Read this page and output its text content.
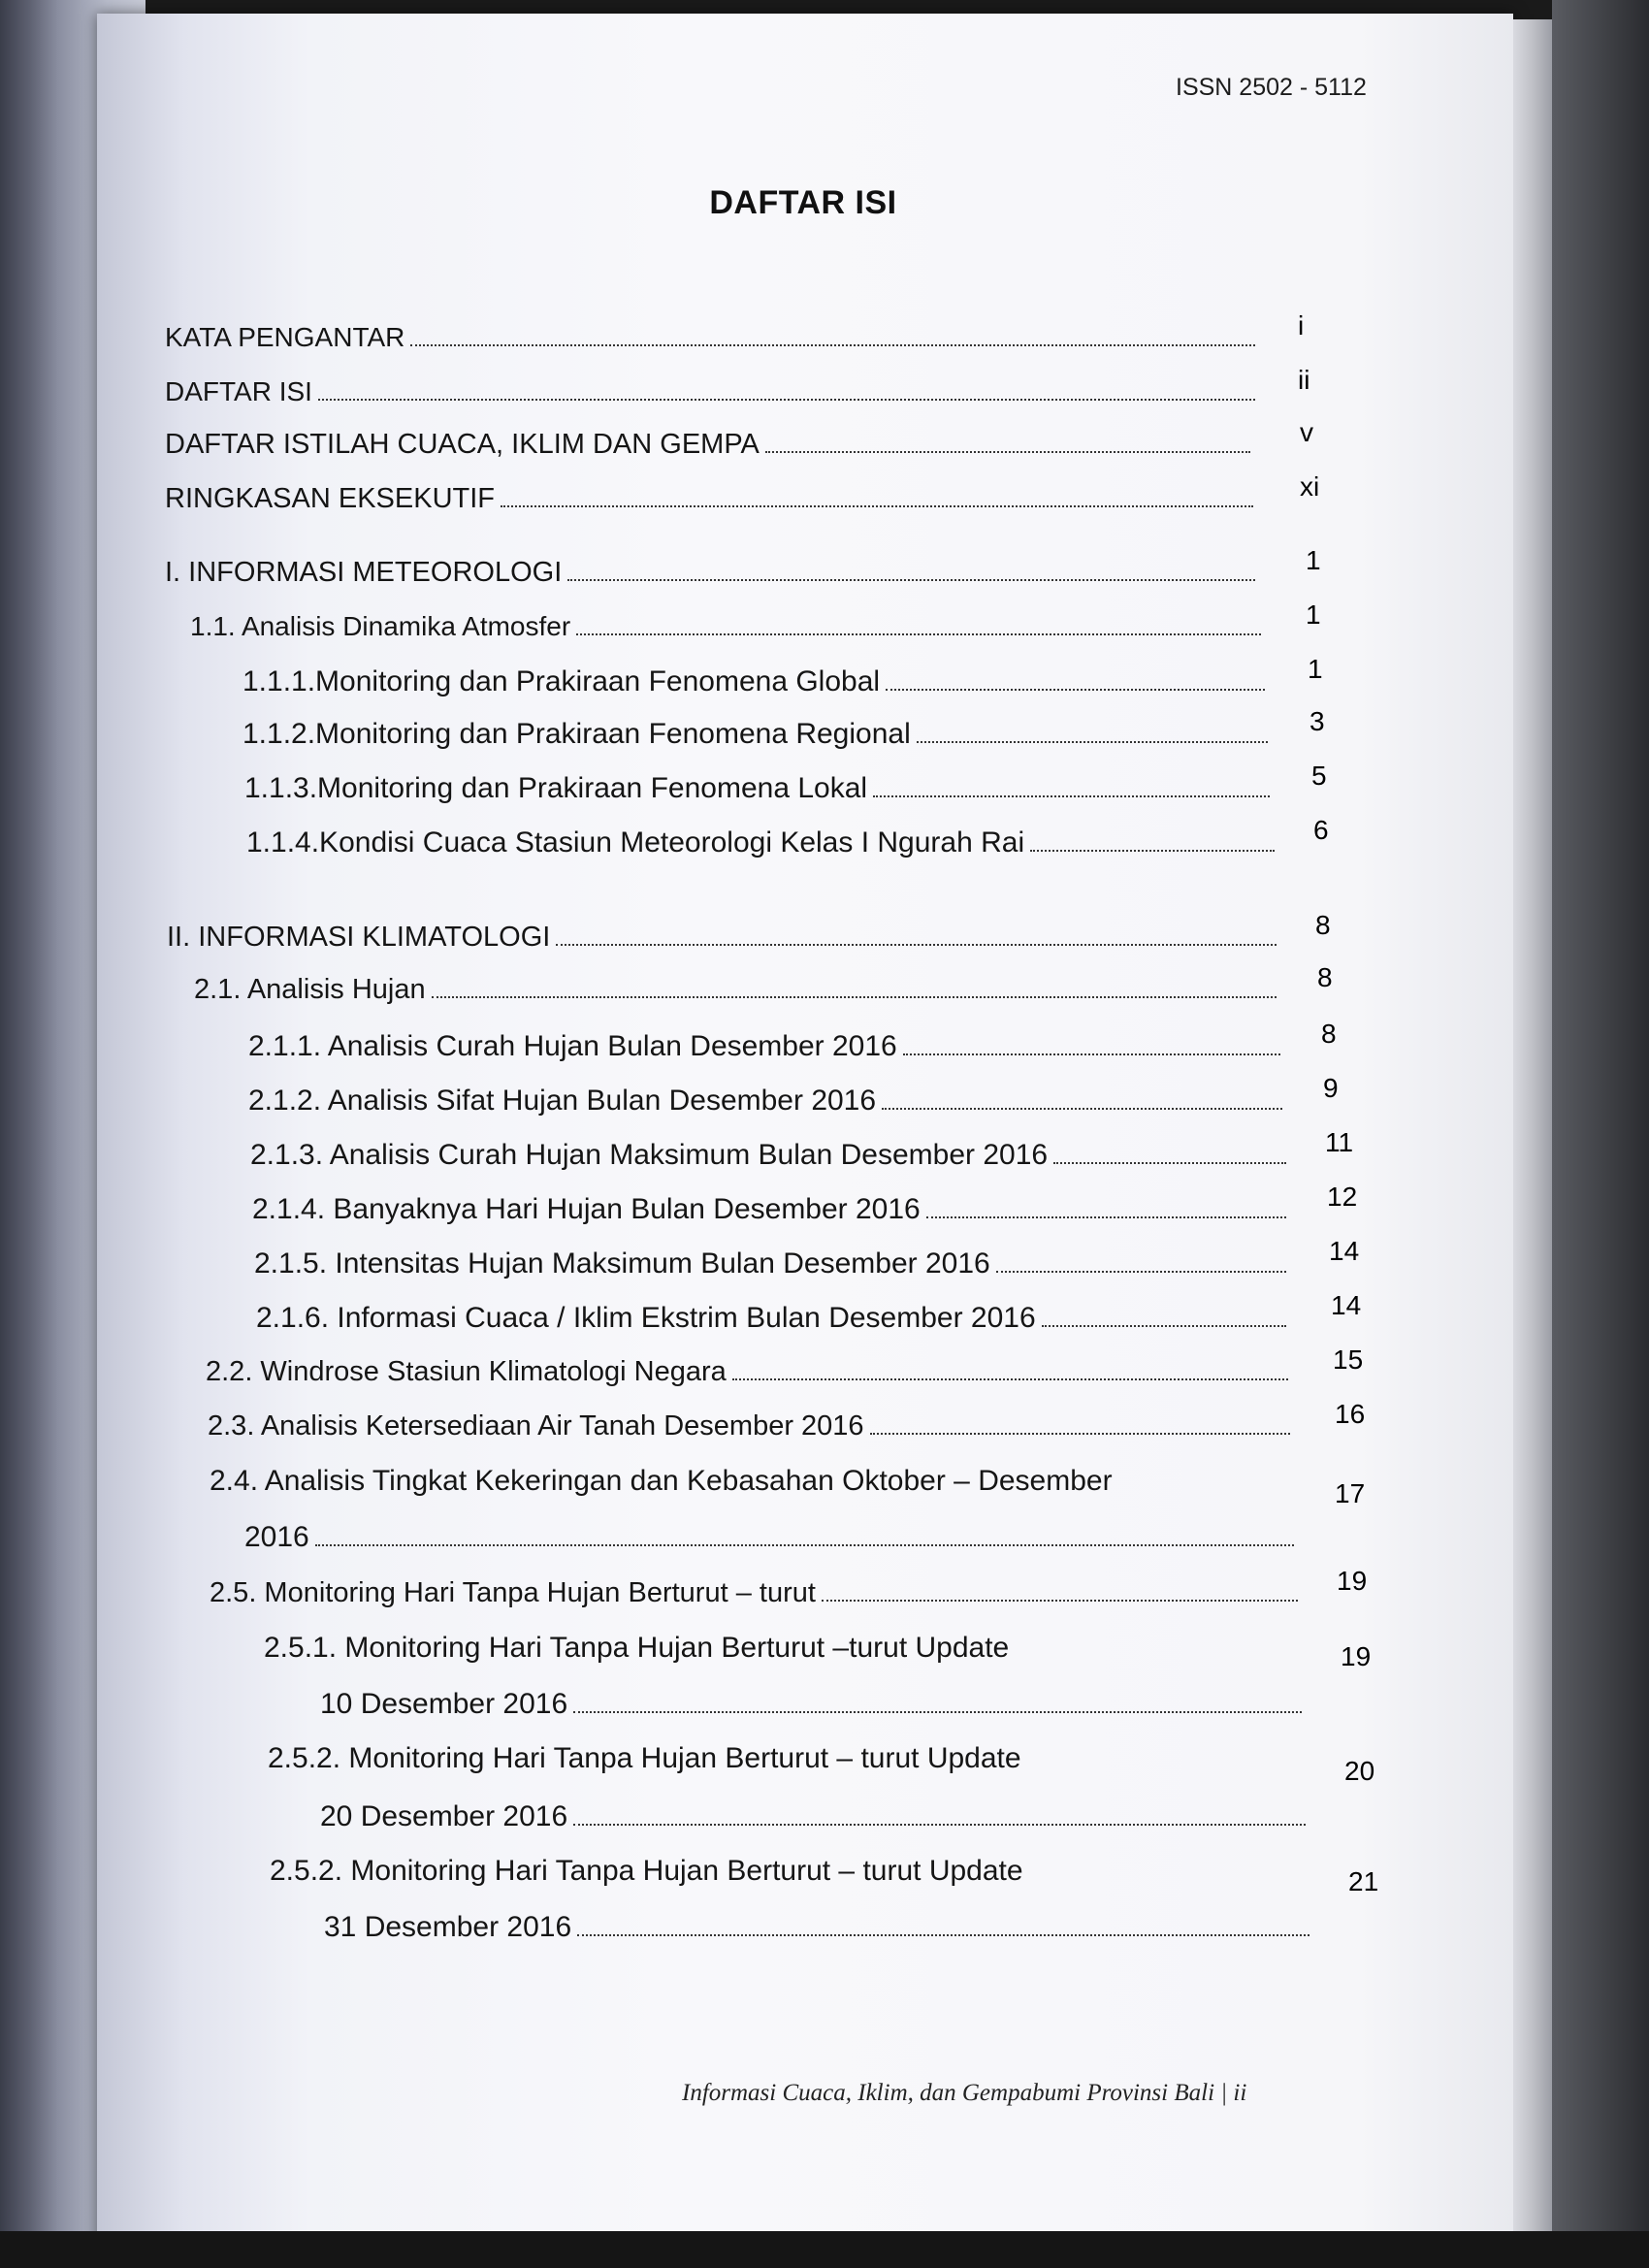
ISSN 2502 - 5112
DAFTAR ISI
KATA PENGANTAR	i
DAFTAR ISI	ii
DAFTAR ISTILAH CUACA, IKLIM DAN GEMPA	v
RINGKASAN EKSEKUTIF	xi
I. INFORMASI METEOROLOGI	1
1.1. Analisis Dinamika Atmosfer	1
1.1.1.Monitoring dan Prakiraan Fenomena Global	1
1.1.2.Monitoring dan Prakiraan Fenomena Regional	3
1.1.3.Monitoring dan Prakiraan Fenomena Lokal	5
1.1.4.Kondisi Cuaca Stasiun Meteorologi Kelas I Ngurah Rai	6
II. INFORMASI KLIMATOLOGI	8
2.1. Analisis Hujan	8
2.1.1. Analisis Curah Hujan Bulan Desember 2016	8
2.1.2. Analisis Sifat Hujan Bulan Desember 2016	9
2.1.3. Analisis Curah Hujan Maksimum Bulan Desember 2016	11
2.1.4. Banyaknya Hari Hujan Bulan Desember 2016	12
2.1.5. Intensitas Hujan Maksimum Bulan Desember 2016	14
2.1.6. Informasi Cuaca / Iklim Ekstrim Bulan Desember 2016	14
2.2. Windrose Stasiun Klimatologi Negara	15
2.3. Analisis Ketersediaan Air Tanah Desember 2016	16
2.4. Analisis Tingkat Kekeringan dan Kebasahan Oktober – Desember
2016
17
2.5. Monitoring Hari Tanpa Hujan Berturut – turut	19
2.5.1. Monitoring Hari Tanpa Hujan Berturut –turut Update
10 Desember 2016
19
2.5.2. Monitoring Hari Tanpa Hujan Berturut – turut Update
20 Desember 2016
20
2.5.2. Monitoring Hari Tanpa Hujan Berturut – turut Update
31 Desember 2016
21
Informasi Cuaca, Iklim, dan Gempabumi Provinsi Bali | ii
